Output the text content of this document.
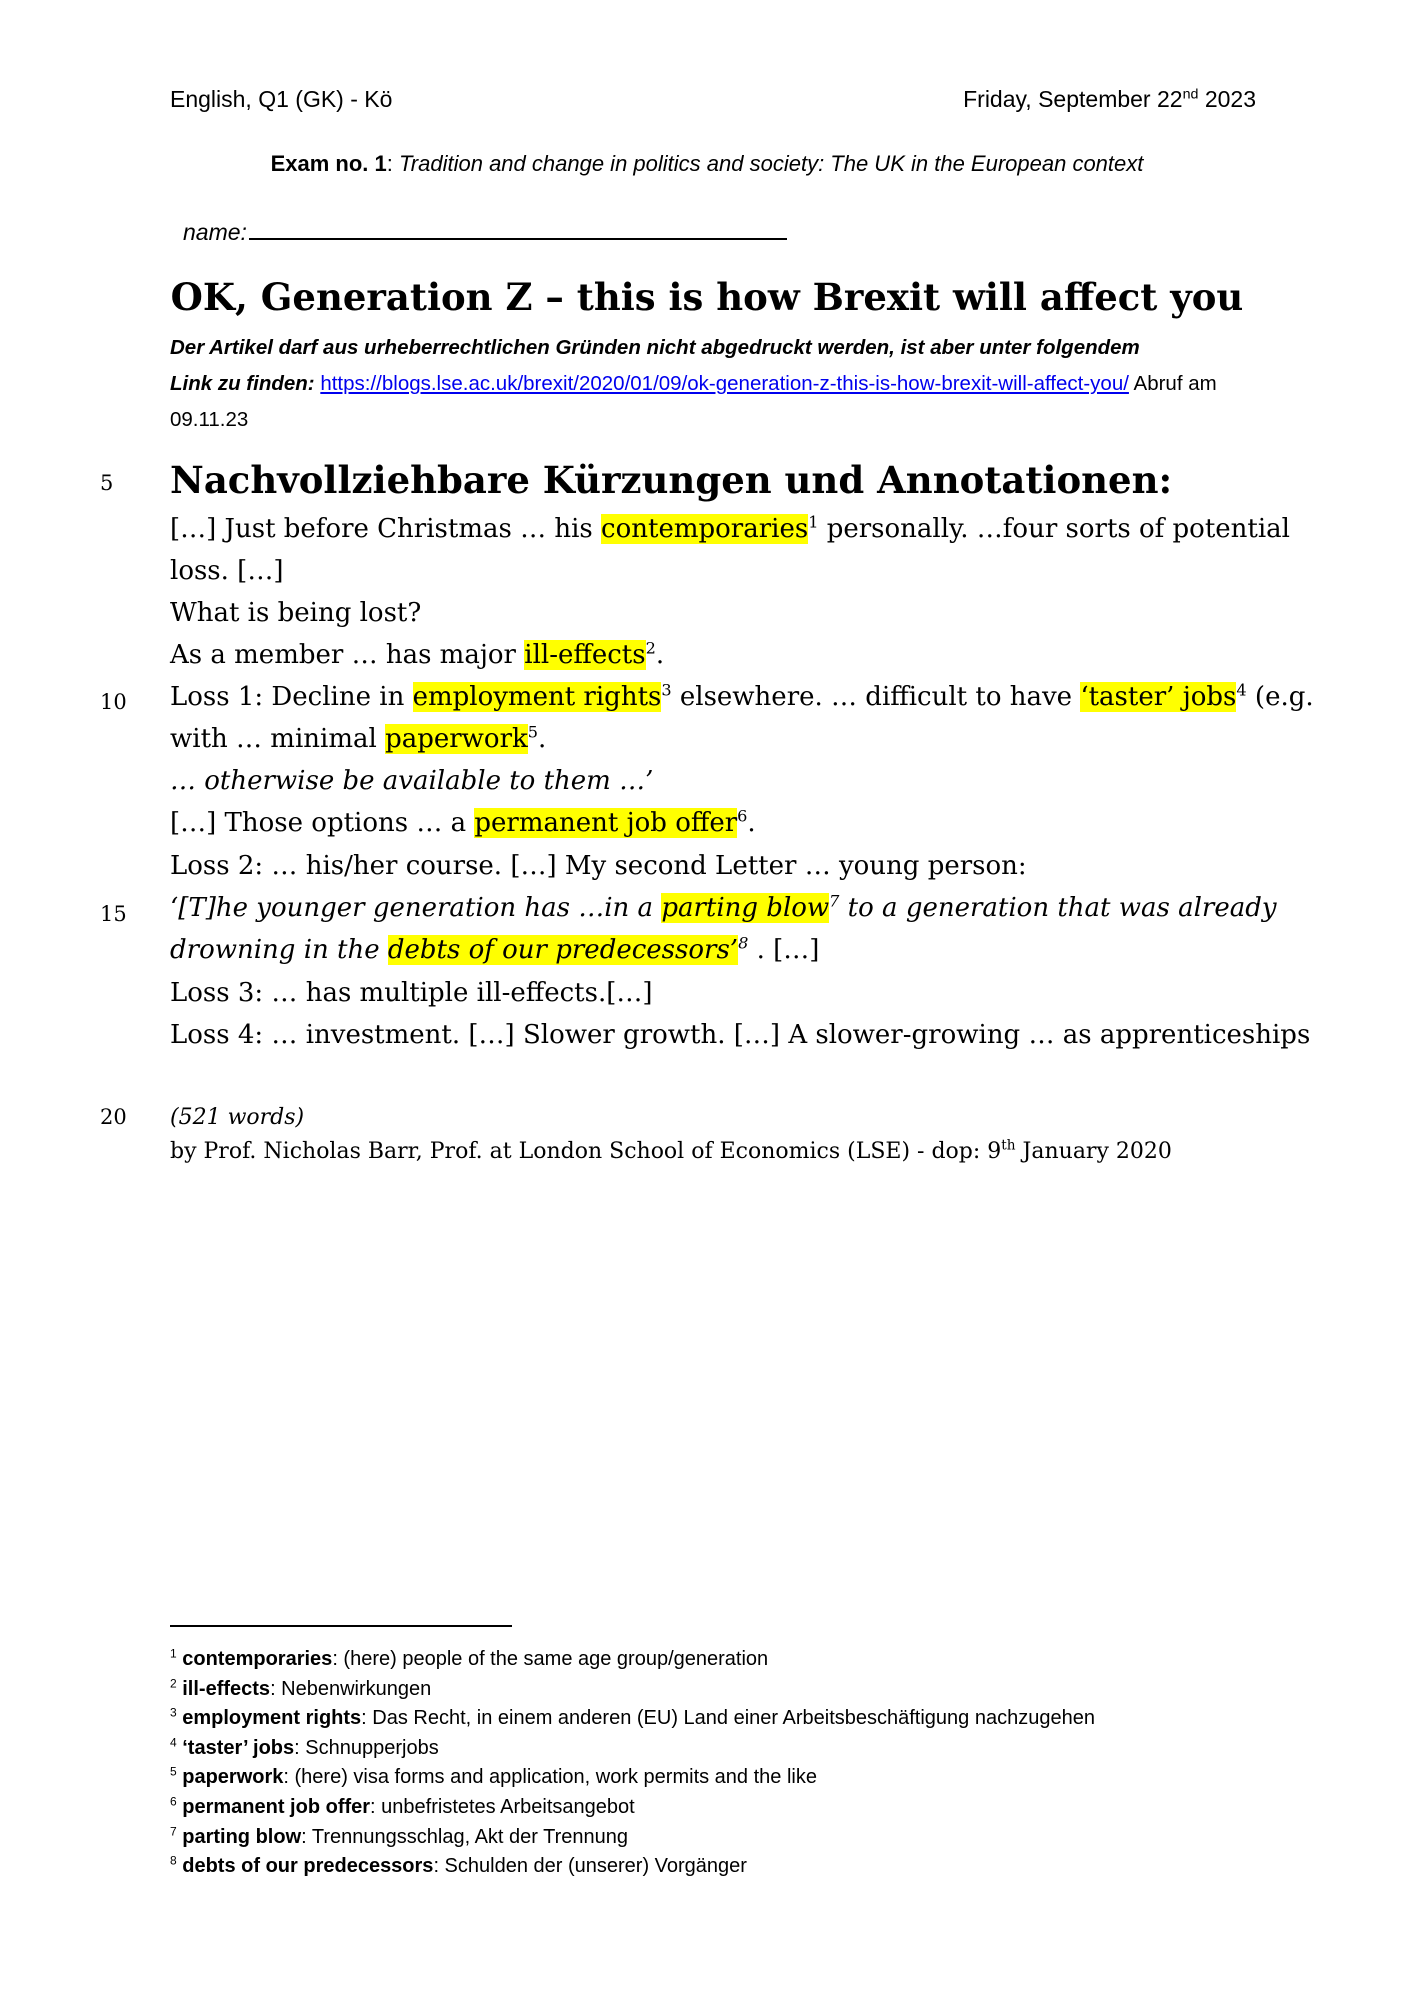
English, Q1 (GK) - Kö	Friday, September 22nd 2023
Exam no. 1: Tradition and change in politics and society: The UK in the European context
name:
OK, Generation Z – this is how Brexit will affect you
Der Artikel darf aus urheberrechtlichen Gründen nicht abgedruckt werden, ist aber unter folgendem
Link zu finden: https://blogs.lse.ac.uk/brexit/2020/01/09/ok-generation-z-this-is-how-brexit-will-affect-you/ Abruf am 09.11.23
5
10
15
20
Nachvollziehbare Kürzungen und Annotationen:
[…] Just before Christmas … his contemporaries$^1$ personally. …four sorts of potential
loss. […]
What is being lost?
As a member … has major ill-effects$^2$.
Loss 1: Decline in employment rights$^3$ elsewhere. … difficult to have ‘taster’ jobs$^4$ (e.g.
with … minimal paperwork$^5$.
… otherwise be available to them …’
[…] Those options … a permanent job offer$^6$.
Loss 2: … his/her course. […] My second Letter … young person:
‘[T]he younger generation has …in a parting blow$^7$ to a generation that was already
drowning in the debts of our predecessors’$^8$ . […]
Loss 3: … has multiple ill-effects.[…]
Loss 4: … investment. […] Slower growth. […] A slower-growing … as apprenticeships
(521 words)
by Prof. Nicholas Barr, Prof. at London School of Economics (LSE) - dop: 9th January 2020
$^1$ contemporaries: (here) people of the same age group/generation
$^2$ ill-effects: Nebenwirkungen
$^3$ employment rights: Das Recht, in einem anderen (EU) Land einer Arbeitsbeschäftigung nachzugehen
$^4$ ‘taster’ jobs: Schnupperjobs
$^5$ paperwork: (here) visa forms and application, work permits and the like
$^6$ permanent job offer: unbefristetes Arbeitsangebot
$^7$ parting blow: Trennungsschlag, Akt der Trennung
$^8$ debts of our predecessors: Schulden der (unserer) Vorgänger
